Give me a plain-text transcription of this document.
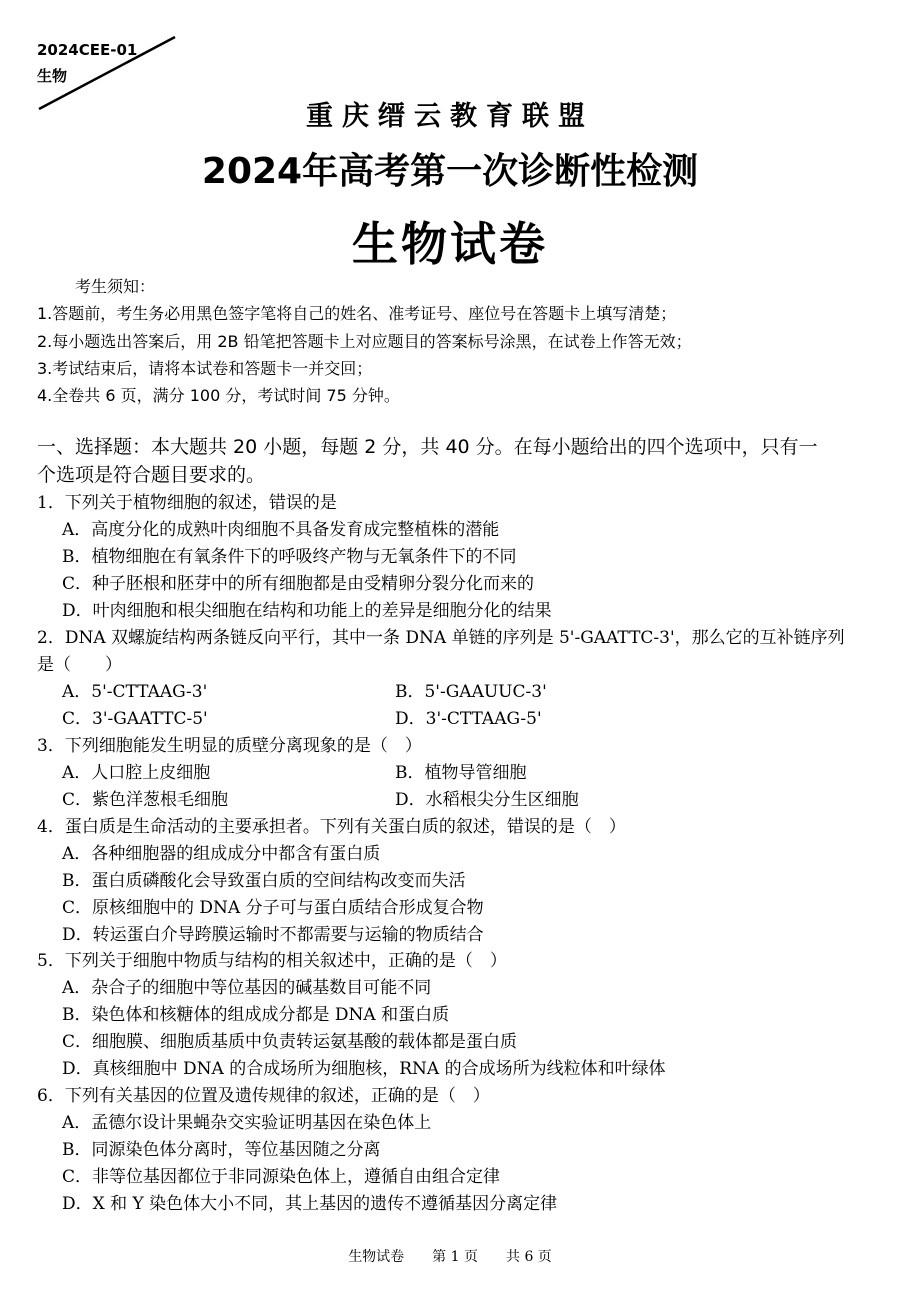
2024CEE-01
生物
重庆缙云教育联盟
2024年高考第一次诊断性检测
生物试卷
考生须知：
1.答题前，考生务必用黑色签字笔将自己的姓名、准考证号、座位号在答题卡上填写清楚；
2.每小题选出答案后，用 2B 铅笔把答题卡上对应题目的答案标号涂黑，在试卷上作答无效；
3.考试结束后，请将本试卷和答题卡一并交回；
4.全卷共 6 页，满分 100 分，考试时间 75 分钟。
一、选择题：本大题共 20 小题，每题 2 分，共 40 分。在每小题给出的四个选项中，只有一
个选项是符合题目要求的。
1．下列关于植物细胞的叙述，错误的是
A．高度分化的成熟叶肉细胞不具备发育成完整植株的潜能
B．植物细胞在有氧条件下的呼吸终产物与无氧条件下的不同
C．种子胚根和胚芽中的所有细胞都是由受精卵分裂分化而来的
D．叶肉细胞和根尖细胞在结构和功能上的差异是细胞分化的结果
2．DNA 双螺旋结构两条链反向平行，其中一条 DNA 单链的序列是 5'-GAATTC-3'，那么它的互补链序列
是（　　）
A．5'-CTTAAG-3'	B．5'-GAAUUC-3'
C．3'-GAATTC-5'	D．3'-CTTAAG-5'
3．下列细胞能发生明显的质壁分离现象的是（　）
A．人口腔上皮细胞	B．植物导管细胞
C．紫色洋葱根毛细胞	D．水稻根尖分生区细胞
4．蛋白质是生命活动的主要承担者。下列有关蛋白质的叙述，错误的是（　）
A．各种细胞器的组成成分中都含有蛋白质
B．蛋白质磷酸化会导致蛋白质的空间结构改变而失活
C．原核细胞中的 DNA 分子可与蛋白质结合形成复合物
D．转运蛋白介导跨膜运输时不都需要与运输的物质结合
5．下列关于细胞中物质与结构的相关叙述中，正确的是（　）
A．杂合子的细胞中等位基因的碱基数目可能不同
B．染色体和核糖体的组成成分都是 DNA 和蛋白质
C．细胞膜、细胞质基质中负责转运氨基酸的载体都是蛋白质
D．真核细胞中 DNA 的合成场所为细胞核，RNA 的合成场所为线粒体和叶绿体
6．下列有关基因的位置及遗传规律的叙述，正确的是（　）
A．孟德尔设计果蝇杂交实验证明基因在染色体上
B．同源染色体分离时，等位基因随之分离
C．非等位基因都位于非同源染色体上，遵循自由组合定律
D．X 和 Y 染色体大小不同，其上基因的遗传不遵循基因分离定律
生物试卷　　第 1 页　　共 6 页
